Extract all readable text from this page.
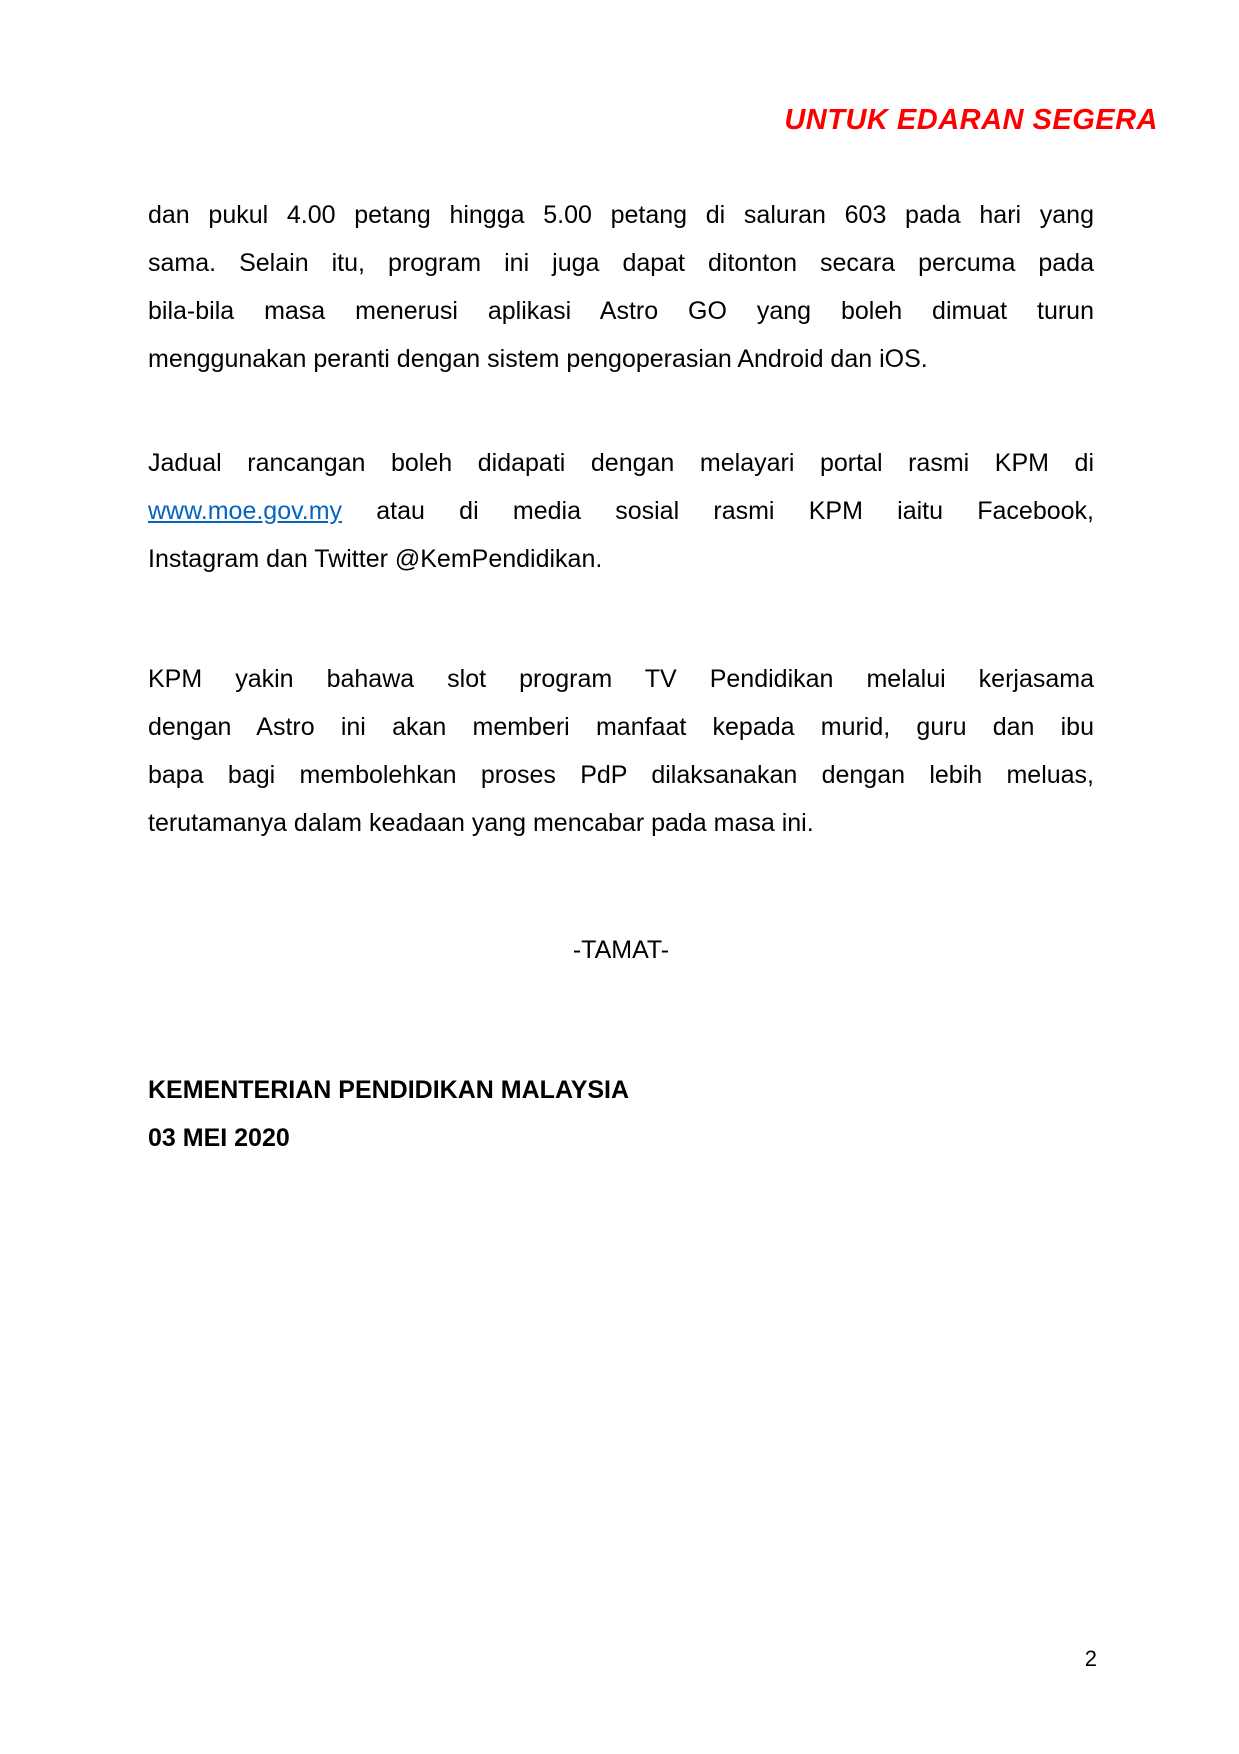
UNTUK EDARAN SEGERA
dan pukul 4.00 petang hingga 5.00 petang di saluran 603 pada hari yang
sama. Selain itu, program ini juga dapat ditonton secara percuma pada
bila-bila masa menerusi aplikasi Astro GO yang boleh dimuat turun
menggunakan peranti dengan sistem pengoperasian Android dan iOS.
Jadual rancangan boleh didapati dengan melayari portal rasmi KPM di
www.moe.gov.my atau di media sosial rasmi KPM iaitu Facebook,
Instagram dan Twitter @KemPendidikan.
KPM yakin bahawa slot program TV Pendidikan melalui kerjasama
dengan Astro ini akan memberi manfaat kepada murid, guru dan ibu
bapa bagi membolehkan proses PdP dilaksanakan dengan lebih meluas,
terutamanya dalam keadaan yang mencabar pada masa ini.
-TAMAT-
KEMENTERIAN PENDIDIKAN MALAYSIA
03 MEI 2020
2
